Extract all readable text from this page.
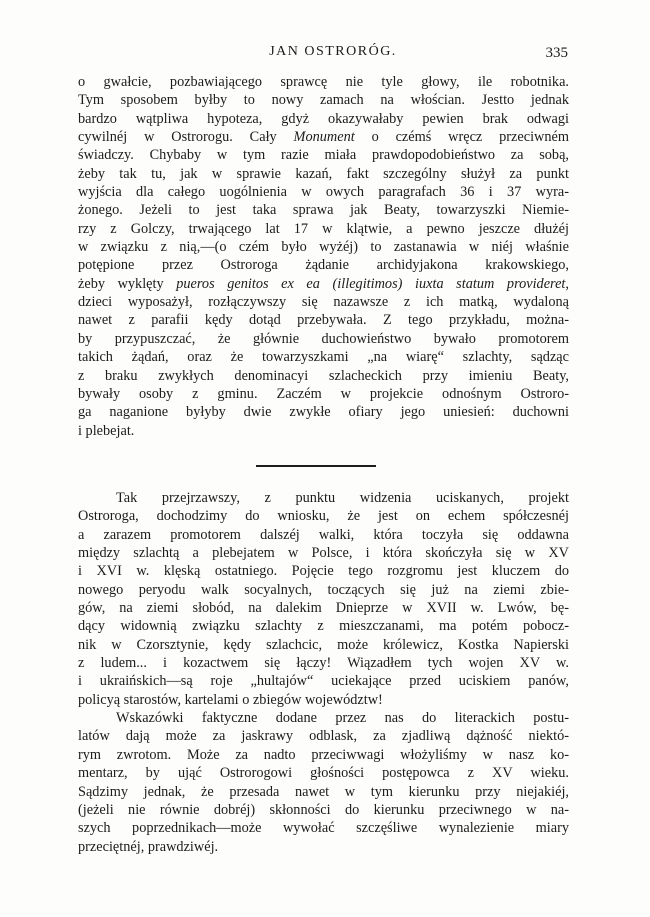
JAN OSTRORÓG.	335
o gwałcie, pozbawiającego sprawcę nie tyle głowy, ile robotnika.
Tym sposobem byłby to nowy zamach na włościan. Jestto jednak
bardzo wątpliwa hypoteza, gdyż okazywałaby pewien brak odwagi
cywilnéj w Ostrorogu. Cały Monument o czémś wręcz przeciwném
świadczy. Chybaby w tym razie miała prawdopodobieństwo za sobą,
żeby tak tu, jak w sprawie kazań, fakt szczególny służył za punkt
wyjścia dla całego uogólnienia w owych paragrafach 36 i 37 wyra-
żonego. Jeżeli to jest taka sprawa jak Beaty, towarzyszki Niemie-
rzy z Golczy, trwającego lat 17 w klątwie, a pewno jeszcze dłużéj
w związku z nią,—(o czém było wyżéj) to zastanawia w niéj właśnie
potępione przez Ostroroga żądanie archidyjakona krakowskiego,
żeby wyklęty pueros genitos ex ea (illegitimos) iuxta statum provideret,
dzieci wyposażył, rozłączywszy się nazawsze z ich matką, wydaloną
nawet z parafii kędy dotąd przebywała. Z tego przykładu, można-
by przypuszczać, że głównie duchowieństwo bywało promotorem
takich żądań, oraz że towarzyszkami „na wiarę“ szlachty, sądząc
z braku zwykłych denominacyi szlacheckich przy imieniu Beaty,
bywały osoby z gminu. Zaczém w projekcie odnośnym Ostroro-
ga naganione byłyby dwie zwykłe ofiary jego uniesień: duchowni
i plebejat.
Tak przejrzawszy, z punktu widzenia uciskanych, projekt
Ostroroga, dochodzimy do wniosku, że jest on echem spółczesnéj
a zarazem promotorem dalszéj walki, która toczyła się oddawna
między szlachtą a plebejatem w Polsce, i która skończyła się w XV
i XVI w. klęską ostatniego. Pojęcie tego rozgromu jest kluczem do
nowego peryodu walk socyalnych, toczących się już na ziemi zbie-
gów, na ziemi słobód, na dalekim Dnieprze w XVII w. Lwów, bę-
dący widownią związku szlachty z mieszczanami, ma potém pobocz-
nik w Czorsztynie, kędy szlachcic, może królewicz, Kostka Napierski
z ludem... i kozactwem się łączy! Wiązadłem tych wojen XV w.
i ukraińskich—są roje „hultajów“ uciekające przed uciskiem panów,
policyą starostów, kartelami o zbiegów województw!
Wskazówki faktyczne dodane przez nas do literackich postu-
latów dają może za jaskrawy odblask, za zjadliwą dążność niektó-
rym zwrotom. Może za nadto przeciwwagi włożyliśmy w nasz ko-
mentarz, by ująć Ostrorogowi głośności postępowca z XV wieku.
Sądzimy jednak, że przesada nawet w tym kierunku przy niejakiéj,
(jeżeli nie równie dobréj) skłonności do kierunku przeciwnego w na-
szych poprzednikach—może wywołać szczęśliwe wynalezienie miary
przeciętnéj, prawdziwéj.
